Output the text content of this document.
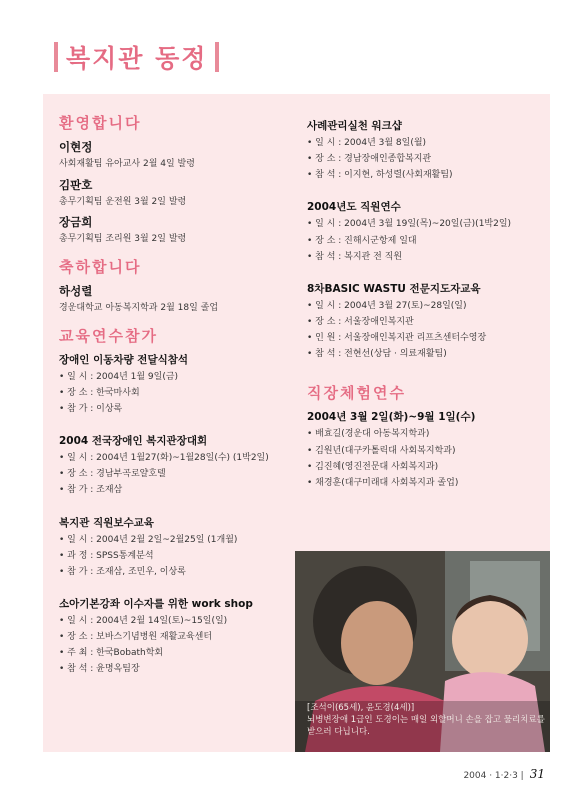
복지관 동정
환영합니다
이현정
사회재활팀 유아교사 2월 4일 발령
김판호
총무기획팀 운전원 3월 2일 발령
장금희
총무기획팀 조리원 3월 2일 발령
축하합니다
하성렬
경운대학교 아동복지학과 2월 18일 졸업
교육연수참가
장애인 이동차량 전달식참석
• 일 시 : 2004년 1월 9일(금)
• 장 소 : 한국마사회
• 참 가 : 이상록
2004 전국장애인 복지관장대회
• 일 시 : 2004년 1월27(화)~1월28일(수) (1박2일)
• 장 소 : 경남부곡로얄호텔
• 참 가 : 조재삼
복지관 직원보수교육
• 일 시 : 2004년 2월 2일~2월25일 (1개월)
• 과 정 : SPSS통계분석
• 참 가 : 조재삼, 조민우, 이상록
소아기본강좌 이수자를 위한 work shop
• 일 시 : 2004년 2월 14일(토)~15일(일)
• 장 소 : 보바스기념병원 재활교육센터
• 주 최 : 한국Bobath학회
• 참 석 : 윤명옥팀장
사례관리실천 워크샵
• 일 시 : 2004년 3월 8일(월)
• 장 소 : 경남장애인종합복지관
• 참 석 : 이지현, 하성렬(사회재활팀)
2004년도 직원연수
• 일 시 : 2004년 3월 19일(목)~20일(금)(1박2일)
• 장 소 : 진해시군항제 일대
• 참 석 : 복지관 전 직원
8차BASIC WASTU 전문지도자교육
• 일 시 : 2004년 3월 27(토)~28일(일)
• 장 소 : 서울장애인복지관
• 인 원 : 서울장애인복지관 리프츠센터수영장
• 참 석 : 전현선(상담 · 의료재활팀)
직장체험연수
2004년 3월 2일(화)~9월 1일(수)
• 배효길(경운대 아동복지학과)
• 김원년(대구카톨릭대 사회복지학과)
• 김진혜(영진전문대 사회복지과)
• 채경훈(대구미래대 사회복지과 졸업)
[조석이(65세), 윤도경(4세)]
뇌병변장애 1급인 도경이는 매일 외할머니 손을 잡고 물리치료를 받으러 다닙니다.
2004 · 1·2·3 | 31
